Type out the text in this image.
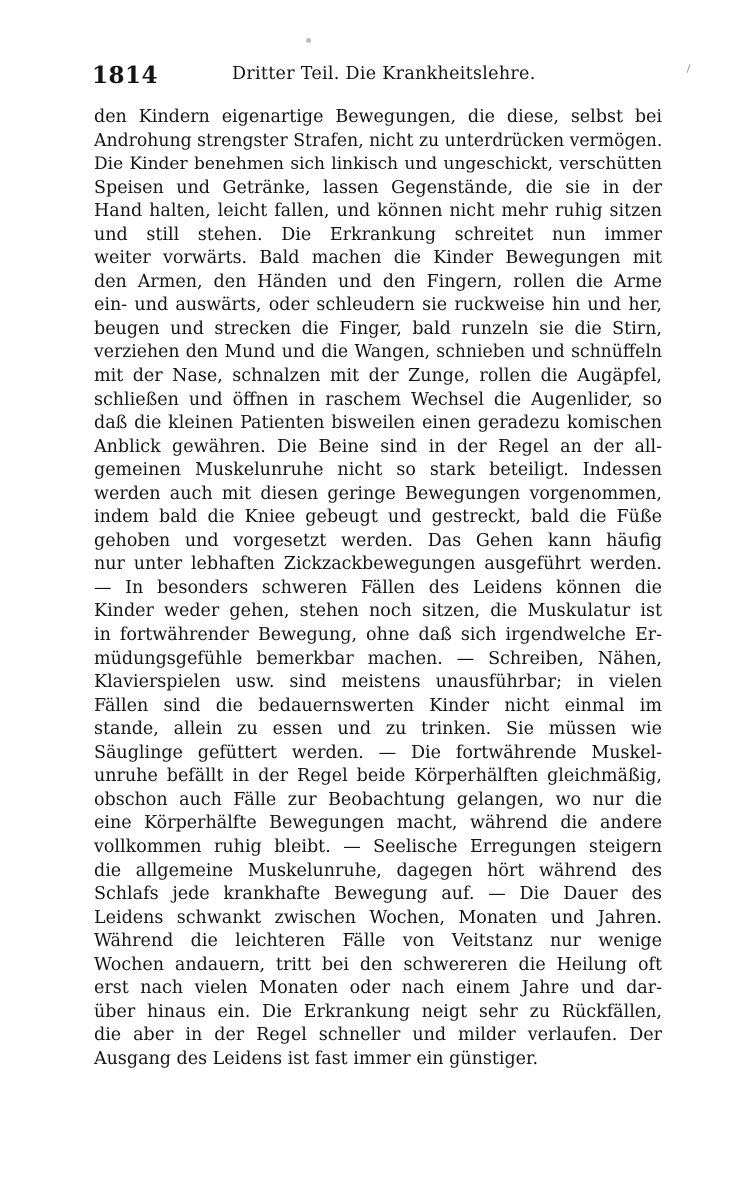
1814	Dritter Teil. Die Krankheitslehre.
den Kindern eigenartige Bewegungen, die diese, selbst bei
Androhung strengster Strafen, nicht zu unterdrücken vermögen.
Die Kinder benehmen sich linkisch und ungeschickt, verschütten
Speisen und Getränke, lassen Gegenstände, die sie in der
Hand halten, leicht fallen, und können nicht mehr ruhig sitzen
und still stehen. Die Erkrankung schreitet nun immer
weiter vorwärts. Bald machen die Kinder Bewegungen mit
den Armen, den Händen und den Fingern, rollen die Arme
ein- und auswärts, oder schleudern sie ruckweise hin und her,
beugen und strecken die Finger, bald runzeln sie die Stirn,
verziehen den Mund und die Wangen, schnieben und schnüffeln
mit der Nase, schnalzen mit der Zunge, rollen die Augäpfel,
schließen und öffnen in raschem Wechsel die Augenlider, so
daß die kleinen Patienten bisweilen einen geradezu komischen
Anblick gewähren. Die Beine sind in der Regel an der all-
gemeinen Muskelunruhe nicht so stark beteiligt. Indessen
werden auch mit diesen geringe Bewegungen vorgenommen,
indem bald die Kniee gebeugt und gestreckt, bald die Füße
gehoben und vorgesetzt werden. Das Gehen kann häufig
nur unter lebhaften Zickzackbewegungen ausgeführt werden.
— In besonders schweren Fällen des Leidens können die
Kinder weder gehen, stehen noch sitzen, die Muskulatur ist
in fortwährender Bewegung, ohne daß sich irgendwelche Er-
müdungsgefühle bemerkbar machen. — Schreiben, Nähen,
Klavierspielen usw. sind meistens unausführbar; in vielen
Fällen sind die bedauernswerten Kinder nicht einmal im
stande, allein zu essen und zu trinken. Sie müssen wie
Säuglinge gefüttert werden. — Die fortwährende Muskel-
unruhe befällt in der Regel beide Körperhälften gleichmäßig,
obschon auch Fälle zur Beobachtung gelangen, wo nur die
eine Körperhälfte Bewegungen macht, während die andere
vollkommen ruhig bleibt. — Seelische Erregungen steigern
die allgemeine Muskelunruhe, dagegen hört während des
Schlafs jede krankhafte Bewegung auf. — Die Dauer des
Leidens schwankt zwischen Wochen, Monaten und Jahren.
Während die leichteren Fälle von Veitstanz nur wenige
Wochen andauern, tritt bei den schwereren die Heilung oft
erst nach vielen Monaten oder nach einem Jahre und dar-
über hinaus ein. Die Erkrankung neigt sehr zu Rückfällen,
die aber in der Regel schneller und milder verlaufen. Der
Ausgang des Leidens ist fast immer ein günstiger.
